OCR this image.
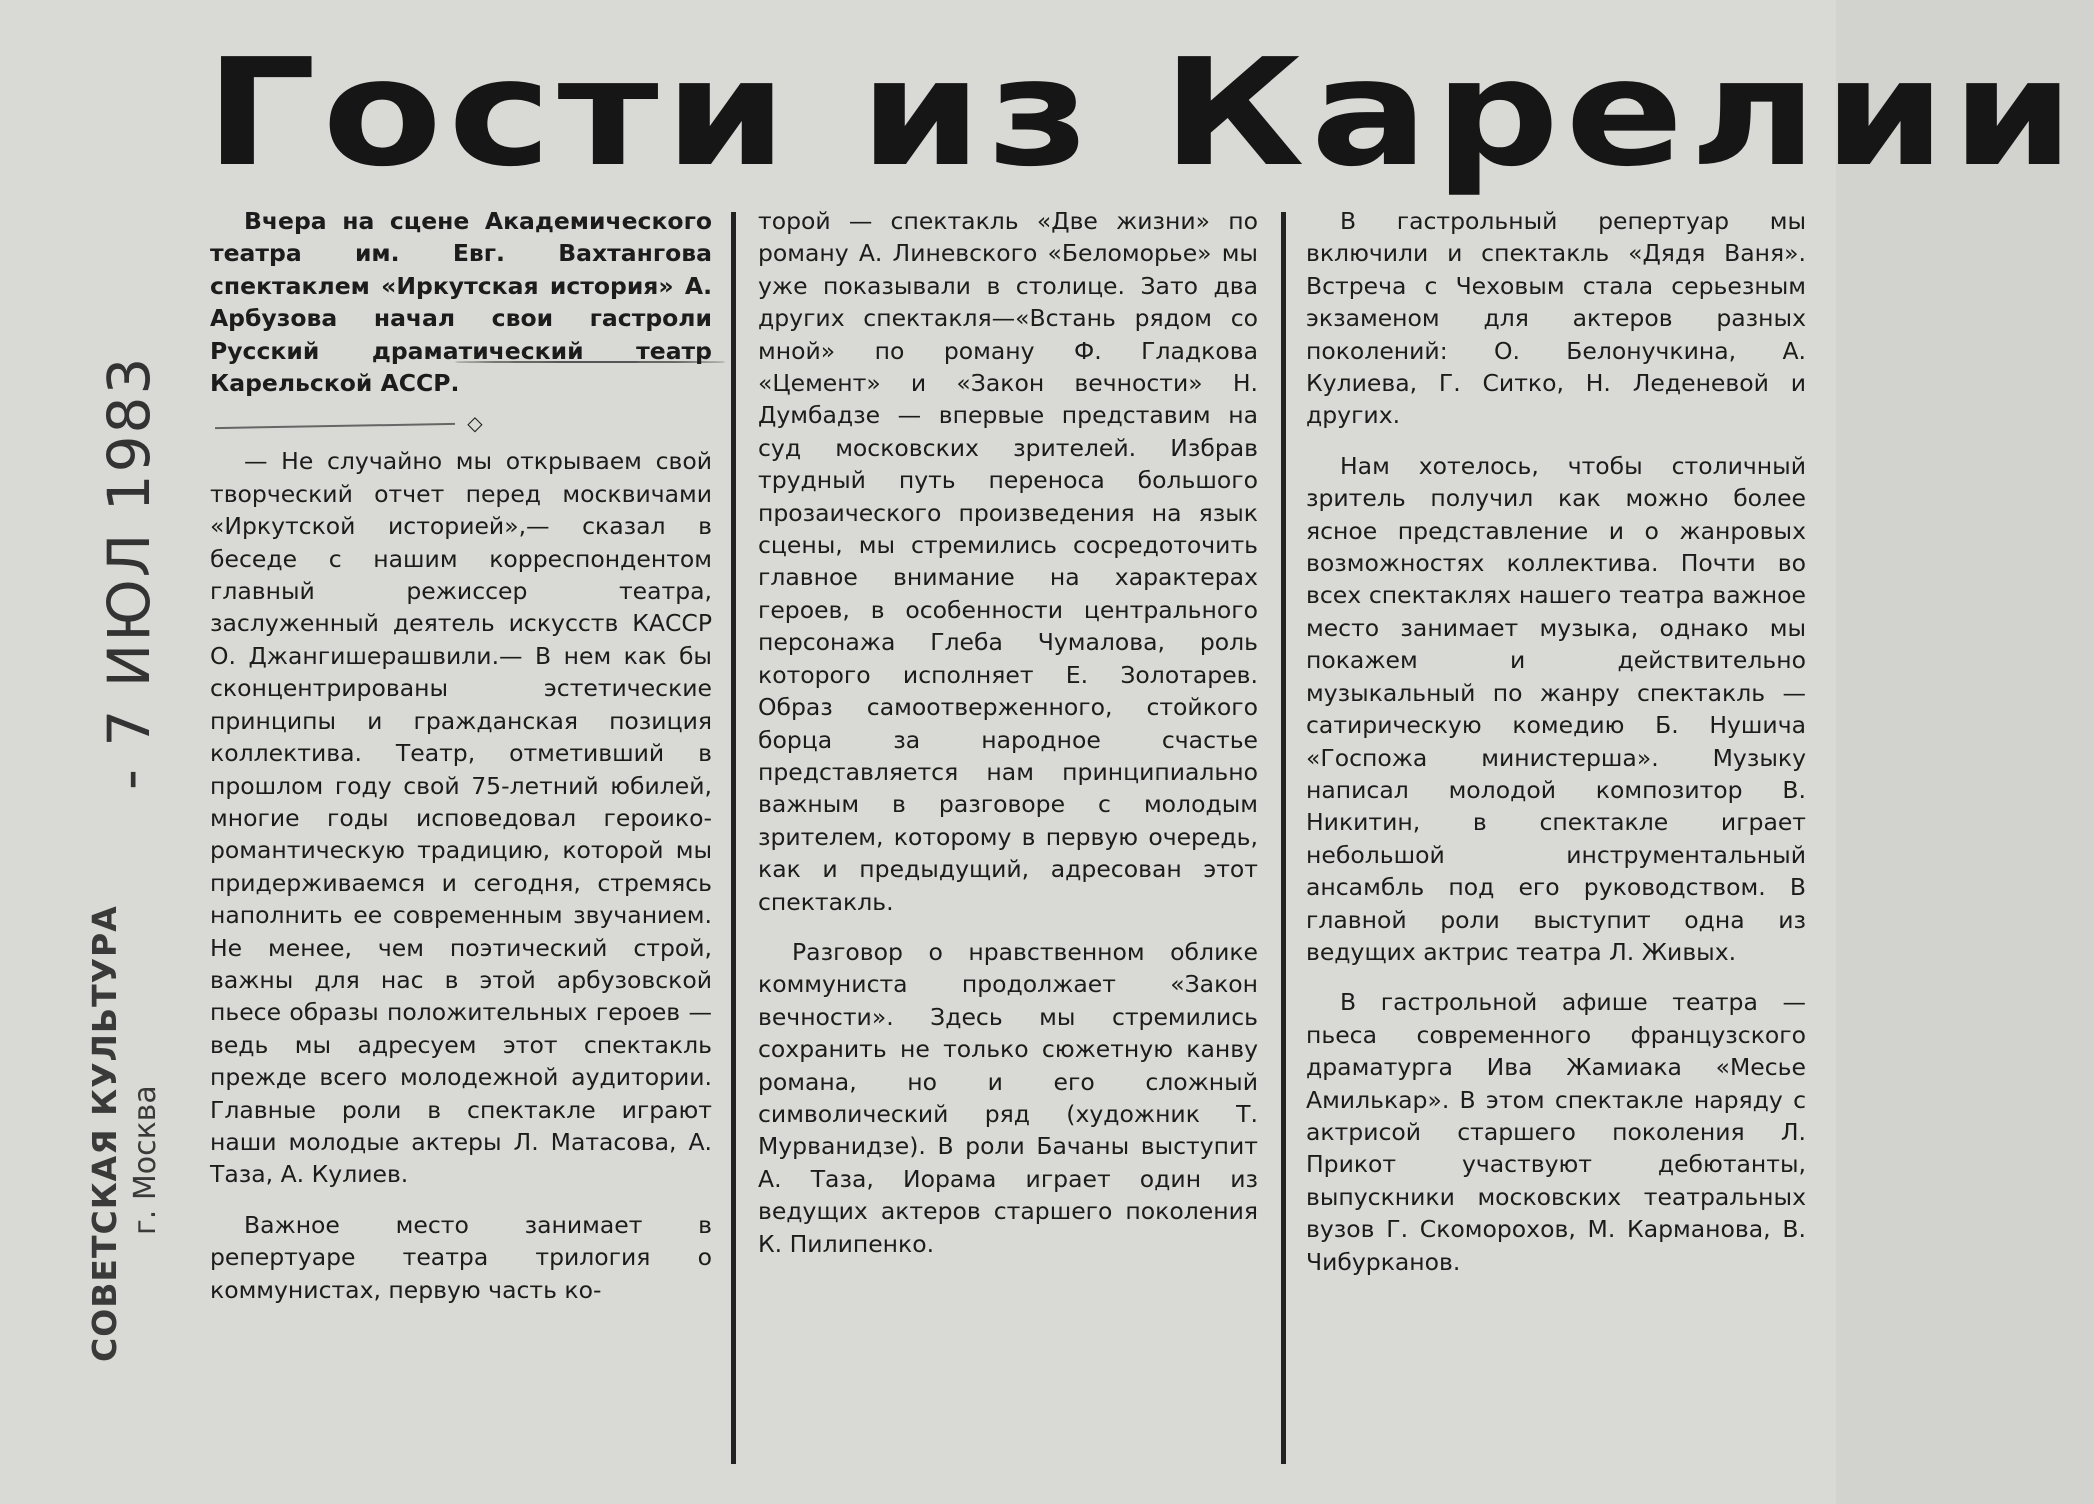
Гости из Карелии
СОВЕТСКАЯ КУЛЬТУРА г. Москва
- 7 ИЮЛ 1983

Вчера на сцене Академического театра им. Евг. Вахтангова спектаклем «Иркутская история» А. Арбузова начал свои гастроли Русский драматический театр Карельской АССР.

◇

— Не случайно мы открываем свой творческий отчет перед москвичами «Иркутской историей»,— сказал в беседе с нашим корреспондентом главный режиссер театра, заслуженный деятель искусств КАССР О. Джангишерашвили.— В нем как бы сконцентрированы эстетические принципы и гражданская позиция коллектива. Театр, отметивший в прошлом году свой 75-летний юбилей, многие годы исповедовал героико-романтическую традицию, которой мы придерживаемся и сегодня, стремясь наполнить ее современным звучанием. Не менее, чем поэтический строй, важны для нас в этой арбузовской пьесе образы положительных героев — ведь мы адресуем этот спектакль прежде всего молодежной аудитории. Главные роли в спектакле играют наши молодые актеры Л. Матасова, А. Таза, А. Кулиев.

Важное место занимает в репертуаре театра трилогия о коммунистах, первую часть ко-

торой — спектакль «Две жизни» по роману А. Линевского «Беломорье» мы уже показывали в столице. Зато два других спектакля—«Встань рядом со мной» по роману Ф. Гладкова «Цемент» и «Закон вечности» Н. Думбадзе — впервые представим на суд московских зрителей. Избрав трудный путь переноса большого прозаического произведения на язык сцены, мы стремились сосредоточить главное внимание на характерах героев, в особенности центрального персонажа Глеба Чумалова, роль которого исполняет Е. Золотарев. Образ самоотверженного, стойкого борца за народное счастье представляется нам принципиально важным в разговоре с молодым зрителем, которому в первую очередь, как и предыдущий, адресован этот спектакль.

Разговор о нравственном облике коммуниста продолжает «Закон вечности». Здесь мы стремились сохранить не только сюжетную канву романа, но и его сложный символический ряд (художник Т. Мурванидзе). В роли Бачаны выступит А. Таза, Иорама играет один из ведущих актеров старшего поколения К. Пилипенко.

В гастрольный репертуар мы включили и спектакль «Дядя Ваня». Встреча с Чеховым стала серьезным экзаменом для актеров разных поколений: О. Белонучкина, А. Кулиева, Г. Ситко, Н. Леденевой и других.

Нам хотелось, чтобы столичный зритель получил как можно более ясное представление и о жанровых возможностях коллектива. Почти во всех спектаклях нашего театра важное место занимает музыка, однако мы покажем и действительно музыкальный по жанру спектакль — сатирическую комедию Б. Нушича «Госпожа министерша». Музыку написал молодой композитор В. Никитин, в спектакле играет небольшой инструментальный ансамбль под его руководством. В главной роли выступит одна из ведущих актрис театра Л. Живых.

В гастрольной афише театра — пьеса современного французского драматурга Ива Жамиака «Месье Амилькар». В этом спектакле наряду с актрисой старшего поколения Л. Прикот участвуют дебютанты, выпускники московских театральных вузов Г. Скоморохов, М. Карманова, В. Чибурканов.
